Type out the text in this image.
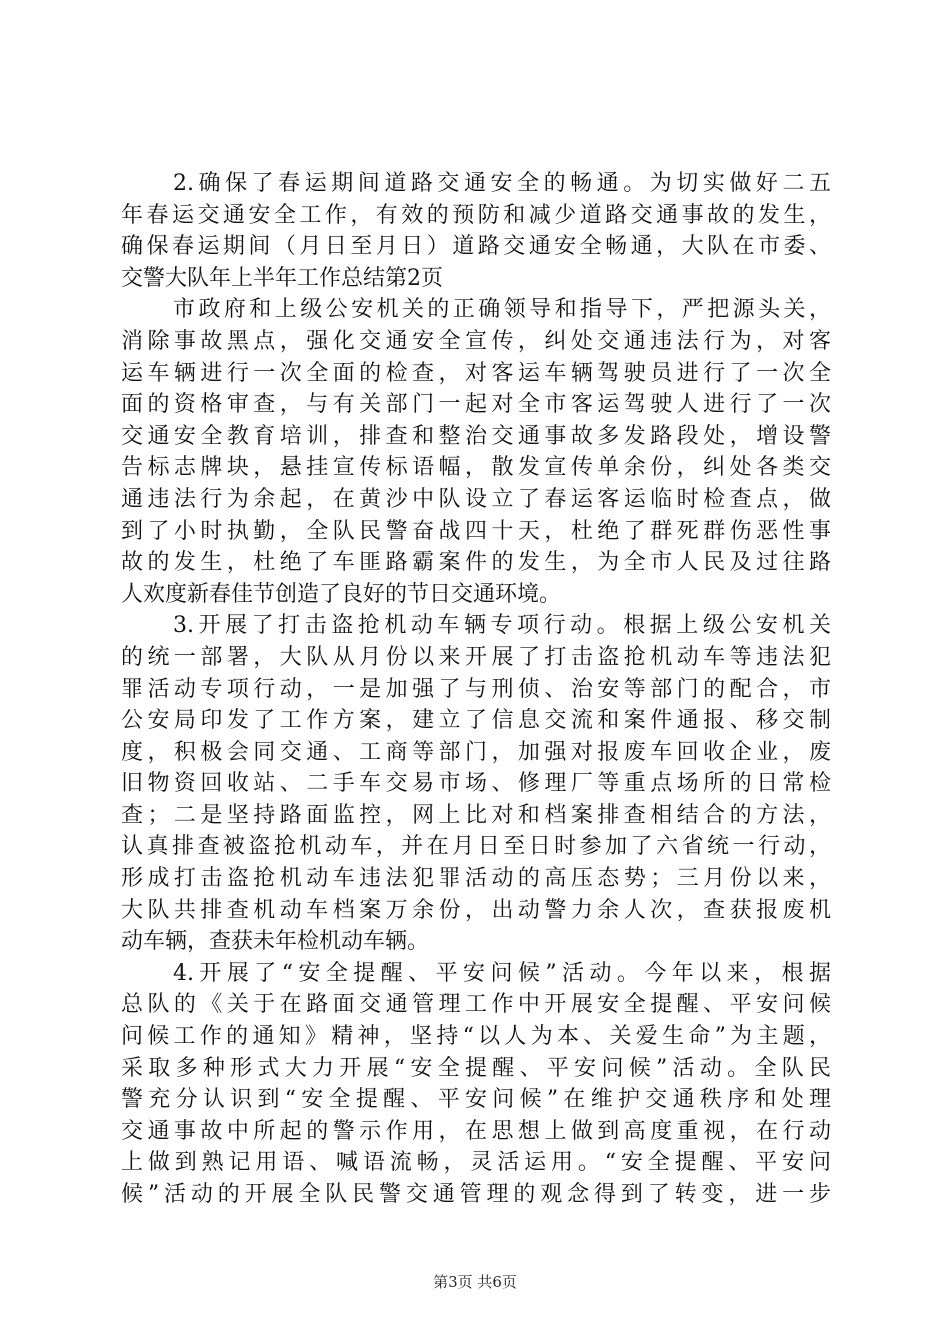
2.确保了春运期间道路交通安全的畅通。为切实做好二五
年春运交通安全工作，有效的预防和减少道路交通事故的发生，
确保春运期间（月日至月日）道路交通安全畅通，大队在市委、
交警大队年上半年工作总结第2页
市政府和上级公安机关的正确领导和指导下，严把源头关，
消除事故黑点，强化交通安全宣传，纠处交通违法行为，对客
运车辆进行一次全面的检查，对客运车辆驾驶员进行了一次全
面的资格审查，与有关部门一起对全市客运驾驶人进行了一次
交通安全教育培训，排查和整治交通事故多发路段处，增设警
告标志牌块，悬挂宣传标语幅，散发宣传单余份，纠处各类交
通违法行为余起，在黄沙中队设立了春运客运临时检查点，做
到了小时执勤，全队民警奋战四十天，杜绝了群死群伤恶性事
故的发生，杜绝了车匪路霸案件的发生，为全市人民及过往路
人欢度新春佳节创造了良好的节日交通环境。
3.开展了打击盗抢机动车辆专项行动。根据上级公安机关
的统一部署，大队从月份以来开展了打击盗抢机动车等违法犯
罪活动专项行动，一是加强了与刑侦、治安等部门的配合，市
公安局印发了工作方案，建立了信息交流和案件通报、移交制
度，积极会同交通、工商等部门，加强对报废车回收企业，废
旧物资回收站、二手车交易市场、修理厂等重点场所的日常检
查；二是坚持路面监控，网上比对和档案排查相结合的方法，
认真排查被盗抢机动车，并在月日至日时参加了六省统一行动，
形成打击盗抢机动车违法犯罪活动的高压态势；三月份以来，
大队共排查机动车档案万余份，出动警力余人次，查获报废机
动车辆，查获未年检机动车辆。
4.开展了“安全提醒、平安问候”活动。今年以来，根据
总队的《关于在路面交通管理工作中开展安全提醒、平安问候
问候工作的通知》精神，坚持“以人为本、关爱生命”为主题，
采取多种形式大力开展“安全提醒、平安问候”活动。全队民
警充分认识到“安全提醒、平安问候”在维护交通秩序和处理
交通事故中所起的警示作用，在思想上做到高度重视，在行动
上做到熟记用语、喊语流畅，灵活运用。“安全提醒、平安问
候”活动的开展全队民警交通管理的观念得到了转变，进一步
第3页 共6页
